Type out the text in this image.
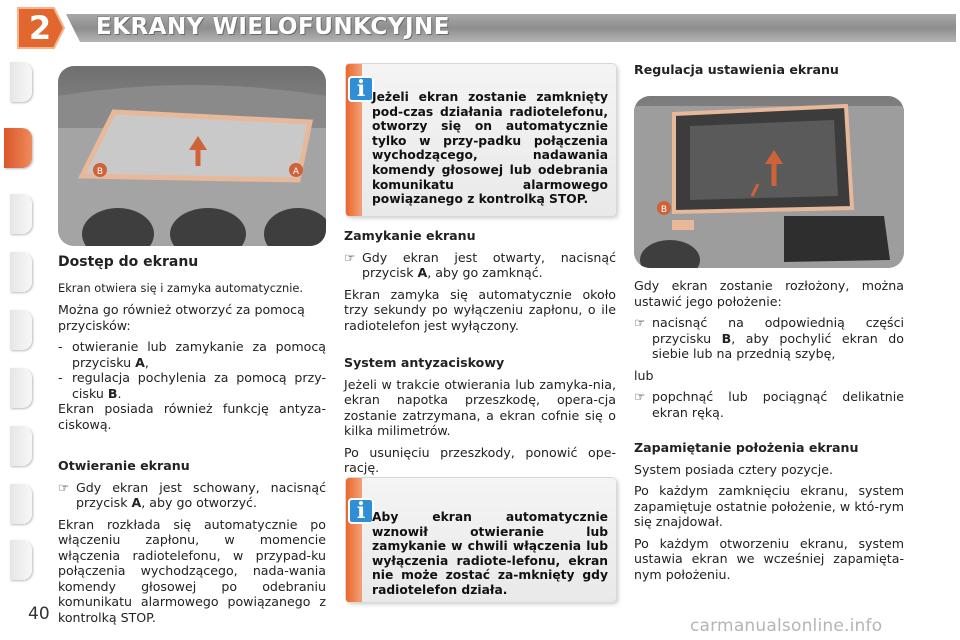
2	EKRANY WIELOFUNKCYJNE
B	A

Dostęp do ekranu

Ekran otwiera się i zamyka automatycznie.

Można go również otworzyć za pomocą przycisków:

- otwieranie lub zamykanie za pomocą przycisku A,
- regulacja pochylenia za pomocą przy-cisku B.

Ekran posiada również funkcję antyza-ciskową.

Otwieranie ekranu

☞ Gdy ekran jest schowany, nacisnąć przycisk A, aby go otworzyć.

Ekran rozkłada się automatycznie po włączeniu zapłonu, w momencie włączenia radiotelefonu, w przypad-ku połączenia wychodzącego, nada-wania komendy głosowej po odebraniu komunikatu alarmowego powiązanego z kontrolką STOP.

i Jeżeli ekran zostanie zamknięty pod-czas działania radiotelefonu, otworzy się on automatycznie tylko w przy-padku połączenia wychodzącego, nadawania komendy głosowej lub odebrania komunikatu alarmowego powiązanego z kontrolką STOP.

Zamykanie ekranu

☞ Gdy ekran jest otwarty, nacisnąć przycisk A, aby go zamknąć.

Ekran zamyka się automatycznie około trzy sekundy po wyłączeniu zapłonu, o ile radiotelefon jest wyłączony.

System antyzaciskowy

Jeżeli w trakcie otwierania lub zamyka-nia, ekran napotka przeszkodę, opera-cja zostanie zatrzymana, a ekran cofnie się o kilka milimetrów.

Po usunięciu przeszkody, ponowić ope-rację.

i Aby ekran automatycznie wznowił otwieranie lub zamykanie w chwili włączenia lub wyłączenia radiote-lefonu, ekran nie może zostać za-mknięty gdy radiotelefon działa.

Regulacja ustawienia ekranu

B

Gdy ekran zostanie rozłożony, można ustawić jego położenie:

☞ nacisnąć na odpowiednią części przycisku B, aby pochylić ekran do siebie lub na przednią szybę,

lub

☞ popchnąć lub pociągnąć delikatnie ekran ręką.

Zapamiętanie położenia ekranu

System posiada cztery pozycje.

Po każdym zamknięciu ekranu, system zapamiętuje ostatnie położenie, w któ-rym się znajdował.

Po każdym otworzeniu ekranu, system ustawia ekran we wcześniej zapamięta-nym położeniu.

40
carmanualsonline.info
